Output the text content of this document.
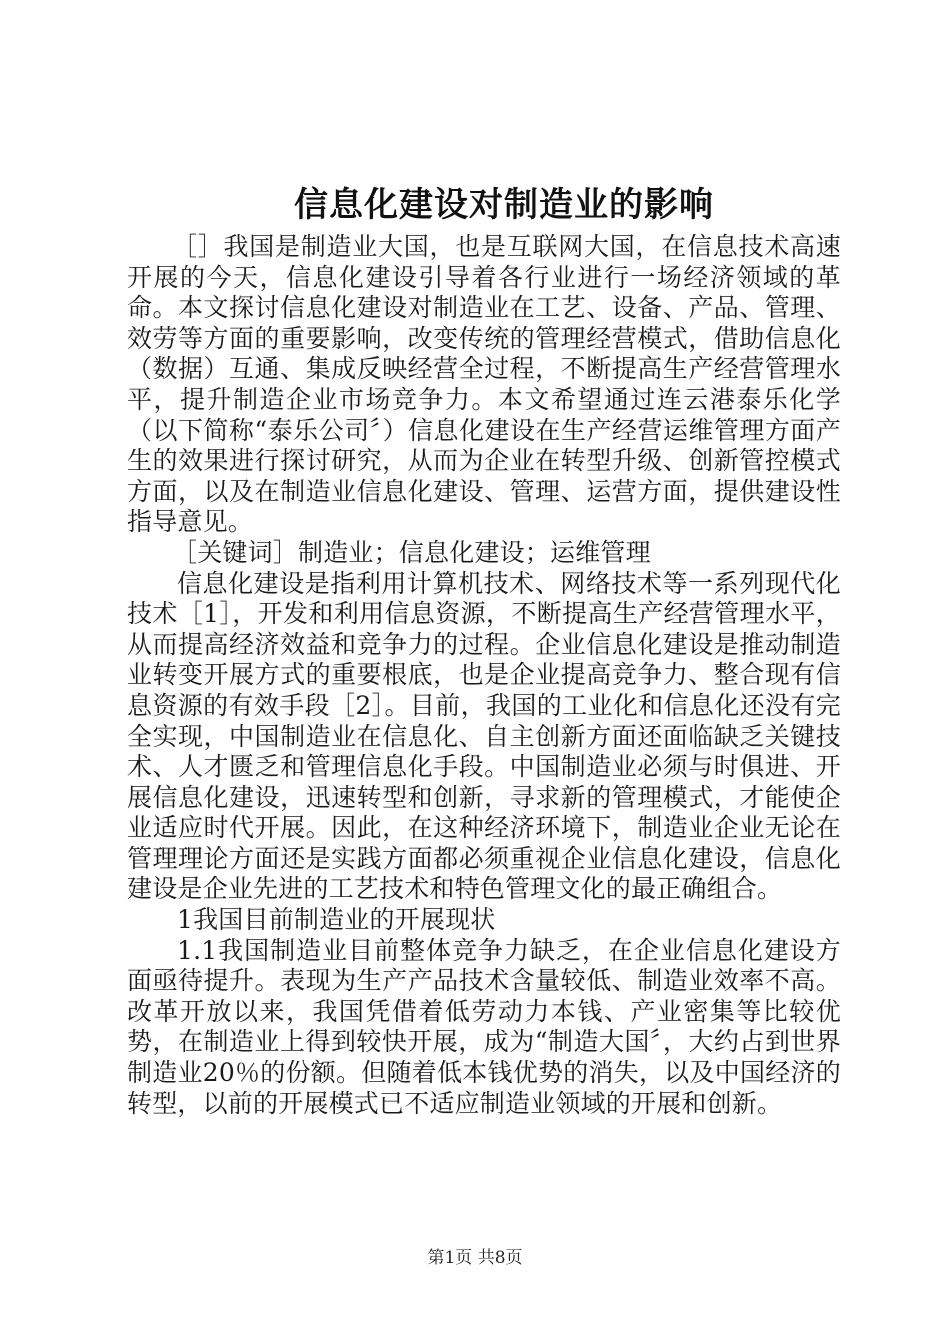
信息化建设对制造业的影响

［］我国是制造业大国，也是互联网大国，在信息技术高速开展的今天，信息化建设引导着各行业进行一场经济领域的革命。本文探讨信息化建设对制造业在工艺、设备、产品、管理、效劳等方面的重要影响，改变传统的管理经营模式，借助信息化（数据）互通、集成反映经营全过程，不断提高生产经营管理水平，提升制造企业市场竞争力。本文希望通过连云港泰乐化学（以下简称“泰乐公司〞）信息化建设在生产经营运维管理方面产生的效果进行探讨研究，从而为企业在转型升级、创新管控模式方面，以及在制造业信息化建设、管理、运营方面，提供建设性指导意见。

［关键词］制造业；信息化建设；运维管理

信息化建设是指利用计算机技术、网络技术等一系列现代化技术［1］，开发和利用信息资源，不断提高生产经营管理水平，从而提高经济效益和竞争力的过程。企业信息化建设是推动制造业转变开展方式的重要根底，也是企业提高竞争力、整合现有信息资源的有效手段［2］。目前，我国的工业化和信息化还没有完全实现，中国制造业在信息化、自主创新方面还面临缺乏关键技术、人才匮乏和管理信息化手段。中国制造业必须与时俱进、开展信息化建设，迅速转型和创新，寻求新的管理模式，才能使企业适应时代开展。因此，在这种经济环境下，制造业企业无论在管理理论方面还是实践方面都必须重视企业信息化建设，信息化建设是企业先进的工艺技术和特色管理文化的最正确组合。

1我国目前制造业的开展现状

1.1我国制造业目前整体竞争力缺乏，在企业信息化建设方面亟待提升。表现为生产产品技术含量较低、制造业效率不高。改革开放以来，我国凭借着低劳动力本钱、产业密集等比较优势，在制造业上得到较快开展，成为“制造大国〞，大约占到世界制造业20％的份额。但随着低本钱优势的消失，以及中国经济的转型，以前的开展模式已不适应制造业领域的开展和创新。

第1页 共8页
